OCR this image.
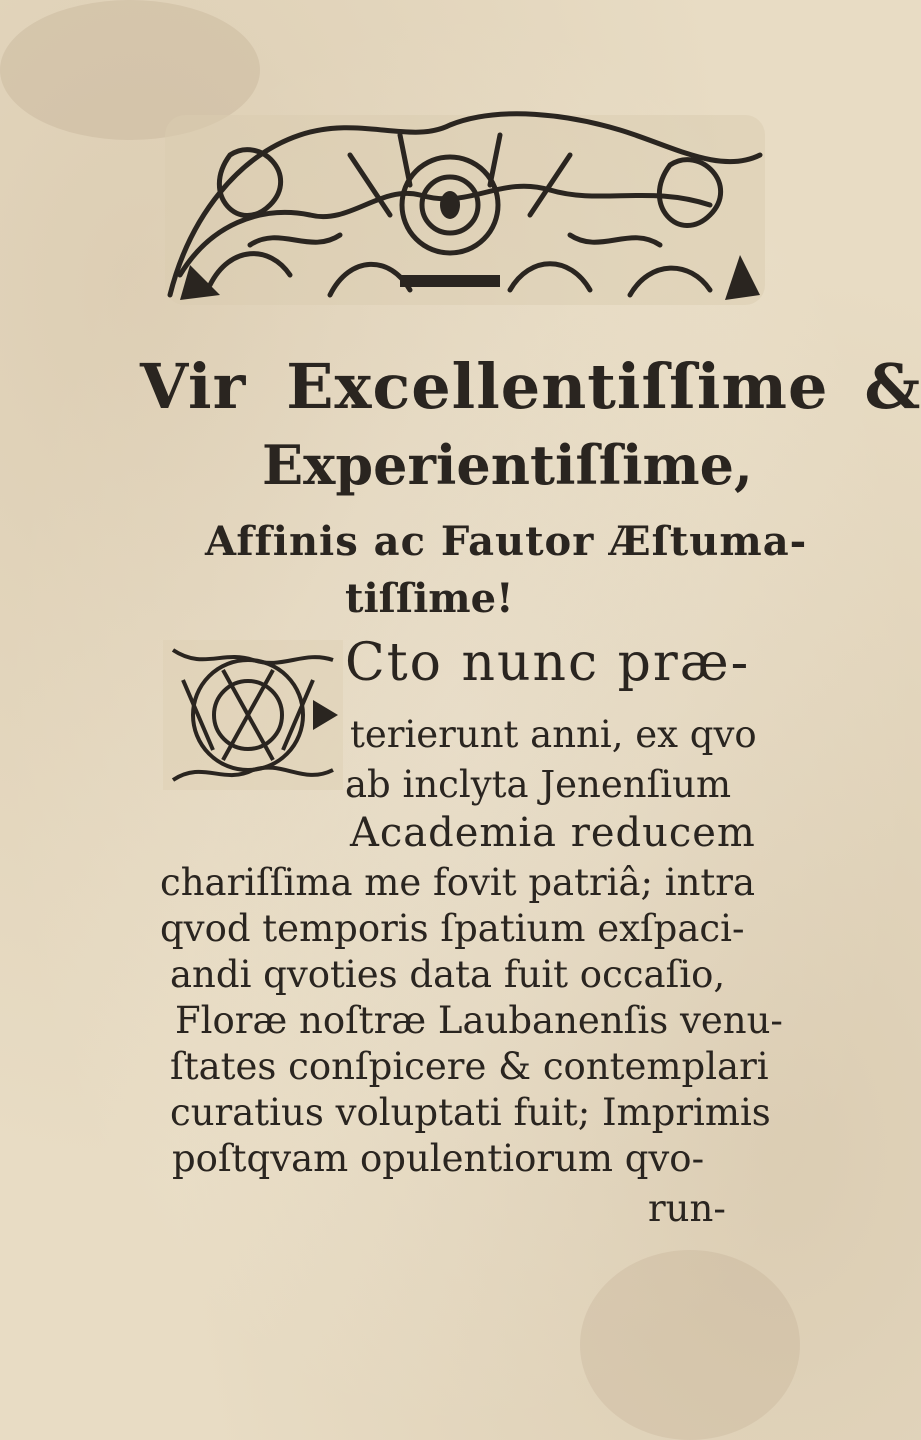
Vir Excellentiſſime &
Experientiſſime,
Affinis ac Fautor Æſtuma-
tiſſime!
Cto nunc præ-
terierunt anni, ex qvo
ab inclyta Jenenſium
Academia reducem
chariſſima me fovit patriâ; intra
qvod temporis ſpatium exſpaci-
andi qvoties data fuit occaſio,
Floræ noſtræ Laubanenſis venu-
ſtates conſpicere & contemplari
curatius voluptati fuit; Imprimis
poſtqvam opulentiorum qvo-
run-
